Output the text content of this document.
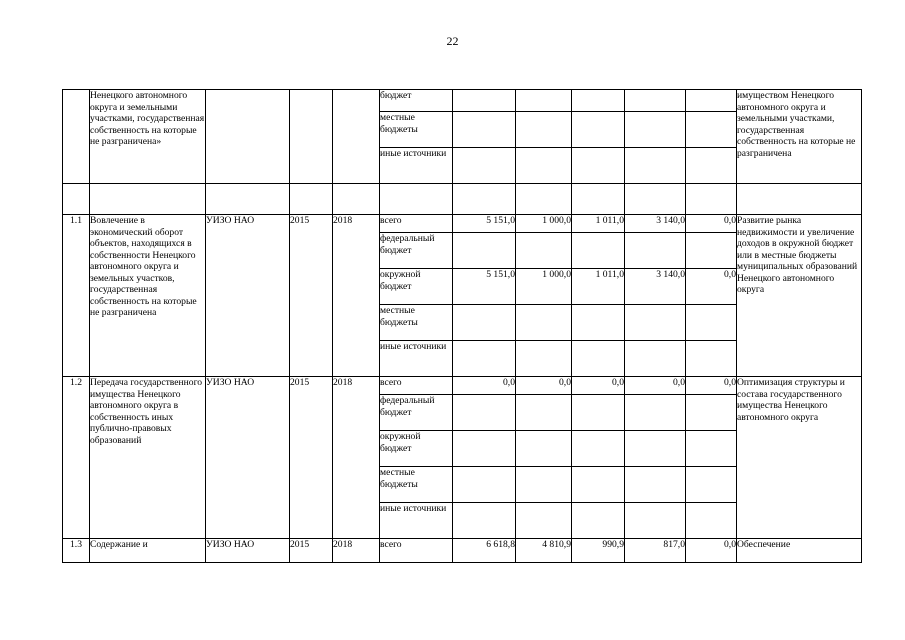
22
	Ненецкого автономного округа и земельными участками, государственная собственность на которые не разграничена»				бюджет						имуществом Ненецкого автономного округа и земельными участками, государственная собственность на которые не разграничена
					местные бюджеты						
					иные источники						

1.1	Вовлечение в экономический оборот объектов, находящихся в собственности Ненецкого автономного округа и земельных участков, государственная собственность на которые не разграничена	УИЗО НАО	2015	2018	всего	5 151,0	1 000,0	1 011,0	3 140,0	0,0	Развитие рынка недвижимости и увеличение доходов в окружной бюджет или в местные бюджеты муниципальных образований Ненецкого автономного округа
					федеральный бюджет						
					окружной бюджет	5 151,0	1 000,0	1 011,0	3 140,0	0,0	
					местные бюджеты						
					иные источники						
1.2	Передача государственного имущества Ненецкого автономного округа в собственность иных публично-правовых образований	УИЗО НАО	2015	2018	всего	0,0	0,0	0,0	0,0	0,0	Оптимизация структуры и состава государственного имущества Ненецкого автономного округа
					федеральный бюджет						
					окружной бюджет						
					местные бюджеты						
					иные источники						
1.3	Содержание и	УИЗО НАО	2015	2018	всего	6 618,8	4 810,9	990,9	817,0	0,0	Обеспечение
